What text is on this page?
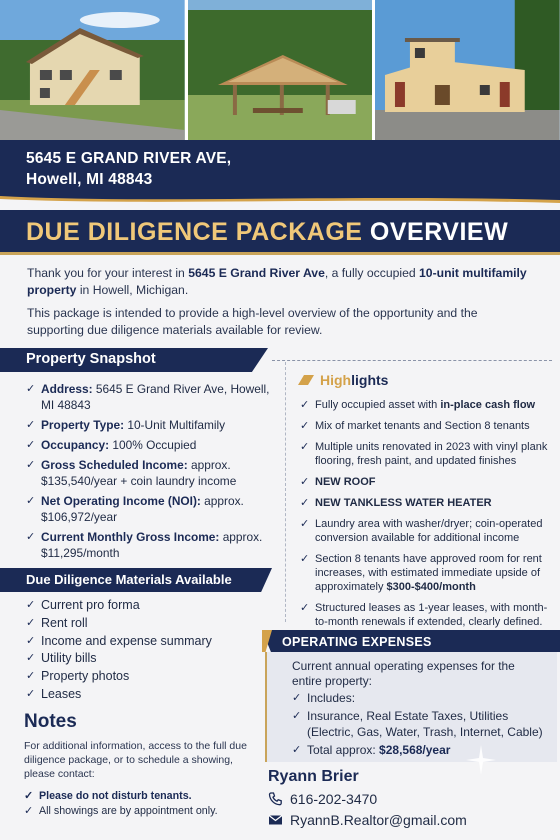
5645 E GRAND RIVER AVE,
Howell, MI 48843
DUE DILIGENCE PACKAGE OVERVIEW

Thank you for your interest in 5645 E Grand River Ave, a fully occupied 10-unit multifamily property in Howell, Michigan.

This package is intended to provide a high-level overview of the opportunity and the supporting due diligence materials available for review.

Property Snapshot
✓ Address: 5645 E Grand River Ave, Howell, MI 48843
✓ Property Type: 10-Unit Multifamily
✓ Occupancy: 100% Occupied
✓ Gross Scheduled Income: approx. $135,540/year + coin laundry income
✓ Net Operating Income (NOI): approx. $106,972/year
✓ Current Monthly Gross Income: approx. $11,295/month
Highlights
✓ Fully occupied asset with in-place cash flow
✓ Mix of market tenants and Section 8 tenants
✓ Multiple units renovated in 2023 with vinyl plank flooring, fresh paint, and updated finishes
✓ NEW ROOF
✓ NEW TANKLESS WATER HEATER
✓ Laundry area with washer/dryer; coin-operated conversion available for additional income
✓ Section 8 tenants have approved room for rent increases, with estimated immediate upside of approximately $300-$400/month
✓ Structured leases as 1-year leases, with month-to-month renewals if extended, clearly defined.
Due Diligence Materials Available
✓ Current pro forma
✓ Rent roll
✓ Income and expense summary
✓ Utility bills
✓ Property photos
✓ Leases
Notes

For additional information, access to the full due diligence package, or to schedule a showing, please contact:

✓ Please do not disturb tenants.
✓ All showings are by appointment only.
OPERATING EXPENSES

Current annual operating expenses for the entire property:

✓ Includes:
✓ Insurance, Real Estate Taxes, Utilities (Electric, Gas, Water, Trash, Internet, Cable)
✓ Total approx: $28,568/year
Ryann Brier
616-202-3470
RyannB.Realtor@gmail.com
